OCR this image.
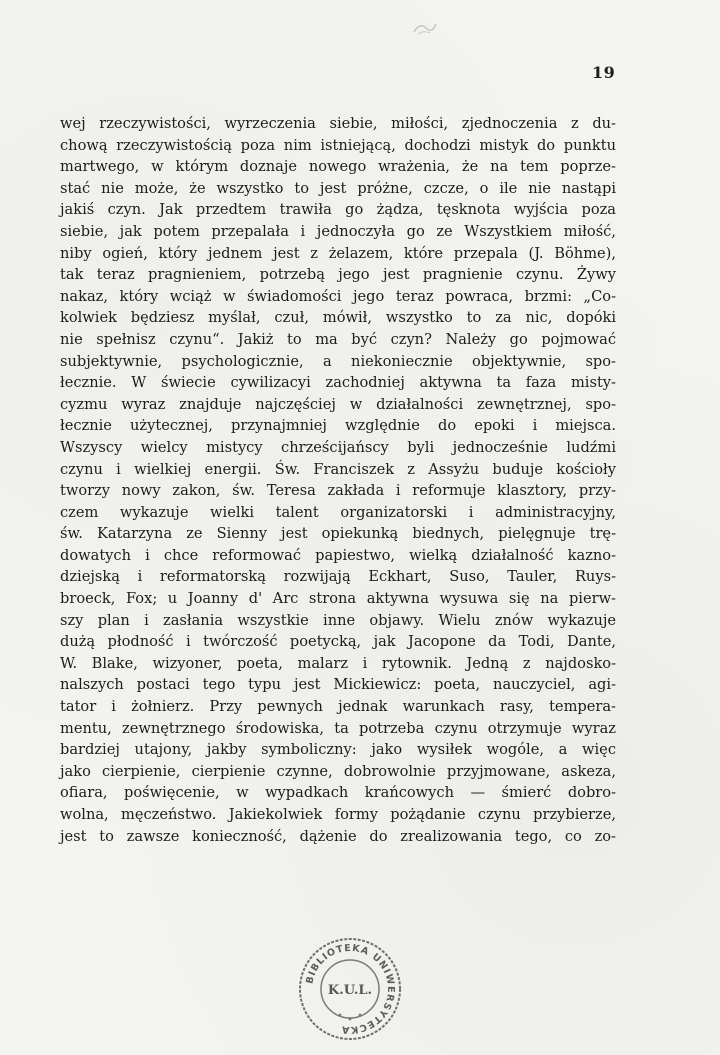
19
wej rzeczywistości, wyrzeczenia siebie, miłości, zjednoczenia z du-
chową rzeczywistością poza nim istniejącą, dochodzi mistyk do punktu
martwego, w którym doznaje nowego wrażenia, że na tem poprze-
stać nie może, że wszystko to jest próżne, czcze, o ile nie nastąpi
jakiś czyn. Jak przedtem trawiła go żądza, tęsknota wyjścia poza
siebie, jak potem przepalała i jednoczyła go ze Wszystkiem miłość,
niby ogień, który jednem jest z żelazem, które przepala (J. Böhme),
tak teraz pragnieniem, potrzebą jego jest pragnienie czynu. Żywy
nakaz, który wciąż w świadomości jego teraz powraca, brzmi: „Co-
kolwiek będziesz myślał, czuł, mówił, wszystko to za nic, dopóki
nie spełnisz czynu“. Jakiż to ma być czyn? Należy go pojmować
subjektywnie, psychologicznie, a niekoniecznie objektywnie, spo-
łecznie. W świecie cywilizacyi zachodniej aktywna ta faza misty-
cyzmu wyraz znajduje najczęściej w działalności zewnętrznej, spo-
łecznie użytecznej, przynajmniej względnie do epoki i miejsca.
Wszyscy wielcy mistycy chrześcijańscy byli jednocześnie ludźmi
czynu i wielkiej energii. Św. Franciszek z Assyżu buduje kościoły
tworzy nowy zakon, św. Teresa zakłada i reformuje klasztory, przy-
czem wykazuje wielki talent organizatorski i administracyjny,
św. Katarzyna ze Sienny jest opiekunką biednych, pielęgnuje trę-
dowatych i chce reformować papiestwo, wielką działalność kazno-
dziejską i reformatorską rozwijają Eckhart, Suso, Tauler, Ruys-
broeck, Fox; u Joanny d' Arc strona aktywna wysuwa się na pierw-
szy plan i zasłania wszystkie inne objawy. Wielu znów wykazuje
dużą płodność i twórczość poetycką, jak Jacopone da Todi, Dante,
W. Blake, wizyoner, poeta, malarz i rytownik. Jedną z najdosko-
nalszych postaci tego typu jest Mickiewicz: poeta, nauczyciel, agi-
tator i żołnierz. Przy pewnych jednak warunkach rasy, tempera-
mentu, zewnętrznego środowiska, ta potrzeba czynu otrzymuje wyraz
bardziej utajony, jakby symboliczny: jako wysiłek wogóle, a więc
jako cierpienie, cierpienie czynne, dobrowolnie przyjmowane, askeza,
ofiara, poświęcenie, w wypadkach krańcowych — śmierć dobro-
wolna, męczeństwo. Jakiekolwiek formy pożądanie czynu przybierze,
jest to zawsze konieczność, dążenie do zrealizowania tego, co zo-
BIBLIOTEKA UNIWERSYTECKA
K.U.L.
